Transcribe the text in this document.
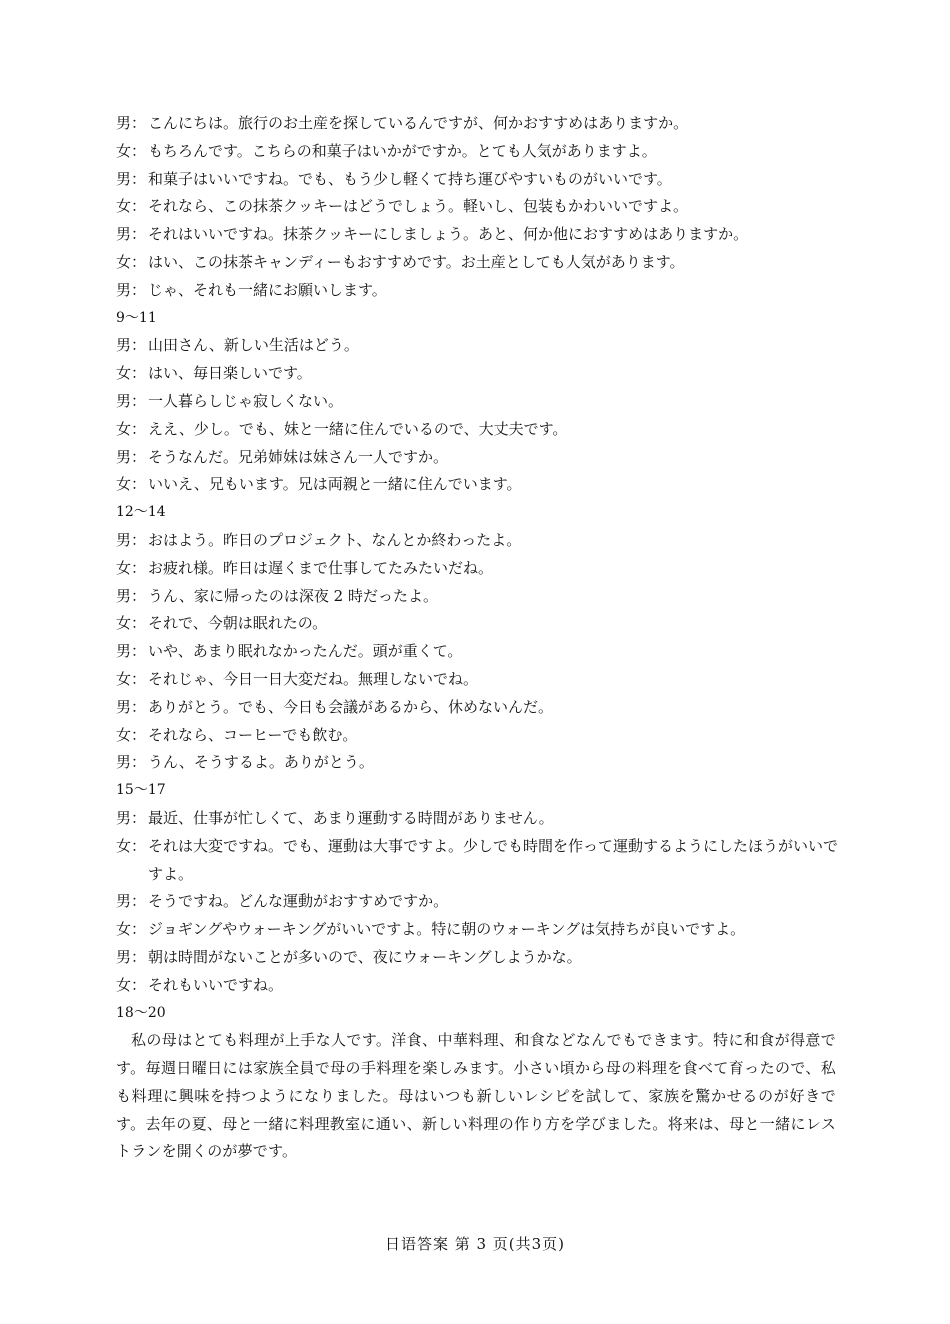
男： こんにちは。旅行のお土産を探しているんですが、何かおすすめはありますか。
女： もちろんです。こちらの和菓子はいかがですか。とても人気がありますよ。
男： 和菓子はいいですね。でも、もう少し軽くて持ち運びやすいものがいいです。
女： それなら、この抹茶クッキーはどうでしょう。軽いし、包装もかわいいですよ。
男： それはいいですね。抹茶クッキーにしましょう。あと、何か他におすすめはありますか。
女： はい、この抹茶キャンディーもおすすめです。お土産としても人気があります。
男： じゃ、それも一緒にお願いします。
9～11
男： 山田さん、新しい生活はどう。
女： はい、毎日楽しいです。
男： 一人暮らしじゃ寂しくない。
女： ええ、少し。でも、妹と一緒に住んでいるので、大丈夫です。
男： そうなんだ。兄弟姉妹は妹さん一人ですか。
女： いいえ、兄もいます。兄は両親と一緒に住んでいます。
12～14
男： おはよう。昨日のプロジェクト、なんとか終わったよ。
女： お疲れ様。昨日は遅くまで仕事してたみたいだね。
男： うん、家に帰ったのは深夜 2 時だったよ。
女： それで、今朝は眠れたの。
男： いや、あまり眠れなかったんだ。頭が重くて。
女： それじゃ、今日一日大変だね。無理しないでね。
男： ありがとう。でも、今日も会議があるから、休めないんだ。
女： それなら、コーヒーでも飲む。
男： うん、そうするよ。ありがとう。
15～17
男： 最近、仕事が忙しくて、あまり運動する時間がありません。
女： それは大変ですね。でも、運動は大事ですよ。少しでも時間を作って運動するようにしたほうがいいですよ。
男： そうですね。どんな運動がおすすめですか。
女： ジョギングやウォーキングがいいですよ。特に朝のウォーキングは気持ちが良いですよ。
男： 朝は時間がないことが多いので、夜にウォーキングしようかな。
女： それもいいですね。
18～20
私の母はとても料理が上手な人です。洋食、中華料理、和食などなんでもできます。特に和食が得意です。毎週日曜日には家族全員で母の手料理を楽しみます。小さい頃から母の料理を食べて育ったので、私も料理に興味を持つようになりました。母はいつも新しいレシピを試して、家族を驚かせるのが好きです。去年の夏、母と一緒に料理教室に通い、新しい料理の作り方を学びました。将来は、母と一緒にレストランを開くのが夢です。
日语答案 第 3 页(共3页)
